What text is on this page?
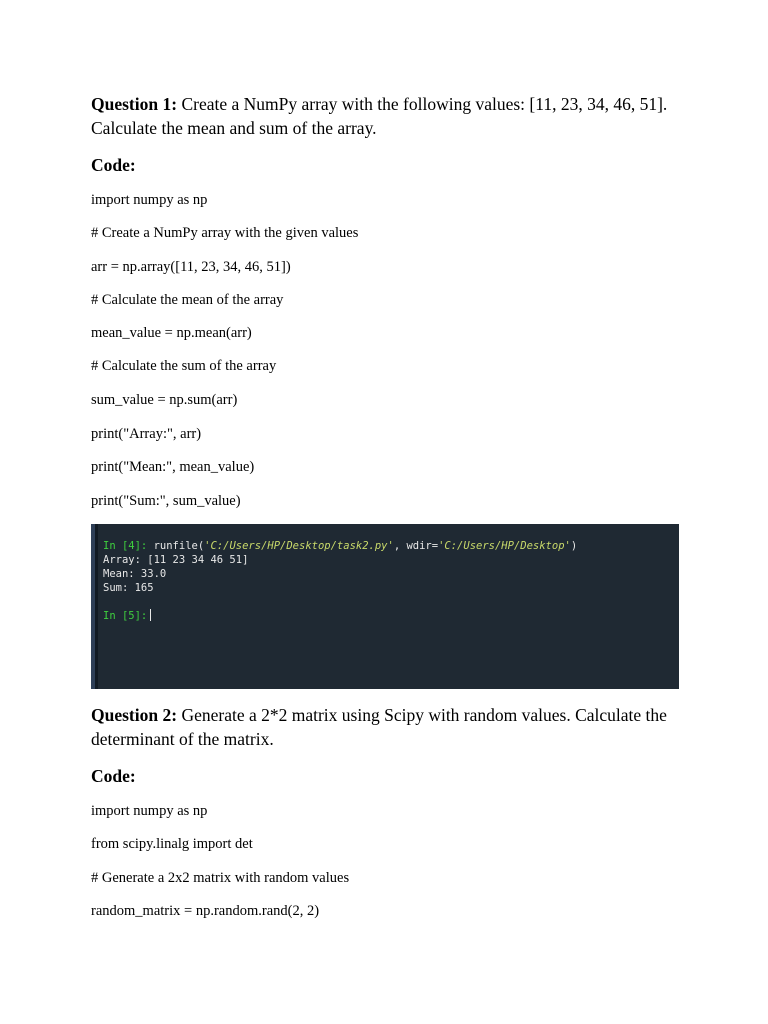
Question 1: Create a NumPy array with the following values: [11, 23, 34, 46, 51]. Calculate the mean and sum of the array.

Code:
import numpy as np
# Create a NumPy array with the given values
arr = np.array([11, 23, 34, 46, 51])
# Calculate the mean of the array
mean_value = np.mean(arr)
# Calculate the sum of the array
sum_value = np.sum(arr)
print("Array:", arr)
print("Mean:", mean_value)
print("Sum:", sum_value)
In [4]: runfile('C:/Users/HP/Desktop/task2.py', wdir='C:/Users/HP/Desktop')
Array: [11 23 34 46 51]
Mean: 33.0
Sum: 165

In [5]:

Question 2: Generate a 2*2 matrix using Scipy with random values. Calculate the determinant of the matrix.

Code:
import numpy as np
from scipy.linalg import det
# Generate a 2x2 matrix with random values
random_matrix = np.random.rand(2, 2)
